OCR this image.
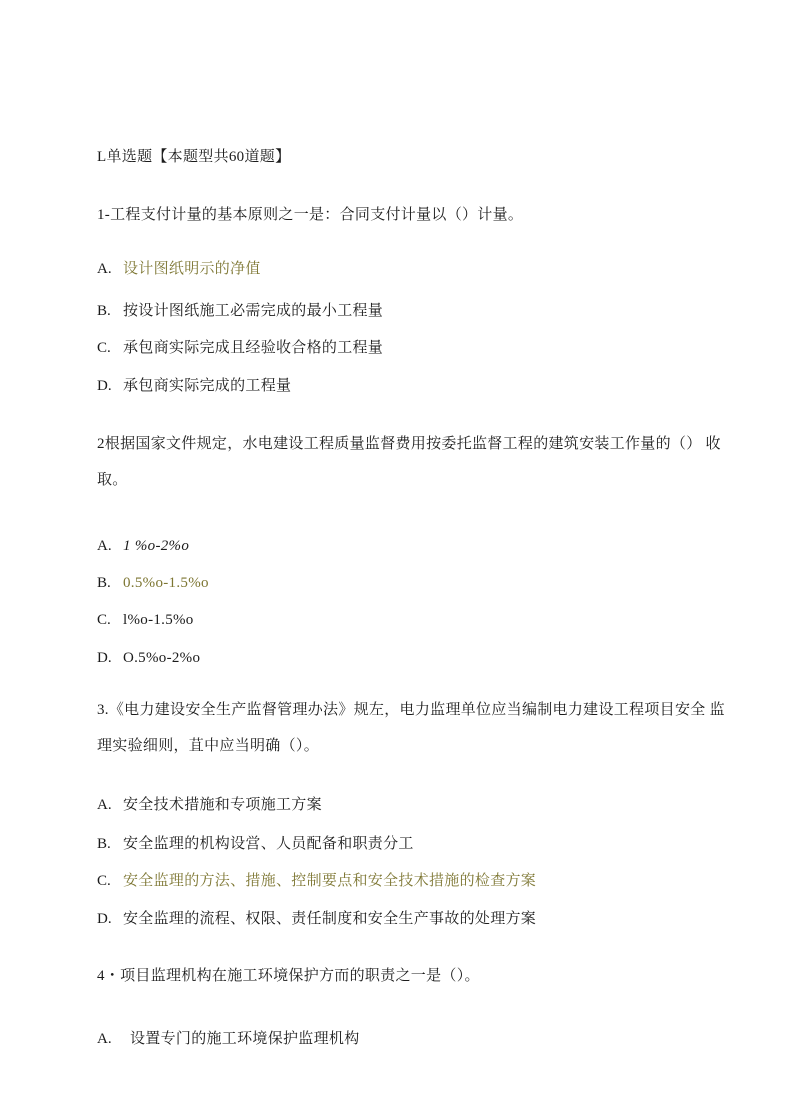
L单选题【本题型共60道题】
1-工程支付计量的基本原则之一是：合同支付计量以（）计量。
A. 设计图纸明示的净值
B. 按设计图纸施工必需完成的最小工程量
C. 承包商实际完成且经验收合格的工程量
D. 承包商实际完成的工程量
2根据国家文件规定，水电建设工程质量监督费用按委托监督工程的建筑安装工作量的（） 收
取。
A. 1 %o-2%o
B. 0.5%o-1.5%o
C. l%o-1.5%o
D. O.5%o-2%o
3.《电力建设安全生产监督管理办法》规左，电力监理单位应当编制电力建设工程项目安全 监
理实验细则，苴中应当明确（）。
A. 安全技术措施和专项施工方案
B. 安全监理的机构设営、人员配备和职责分工
C. 安全监理的方法、措施、控制要点和安全技术措施的检查方案
D. 安全监理的流程、权限、责任制度和安全生产事故的处理方案
4・项目监理机构在施工环境保护方而的职责之一是（）。
A.	设置专门的施工环境保护监理机构
